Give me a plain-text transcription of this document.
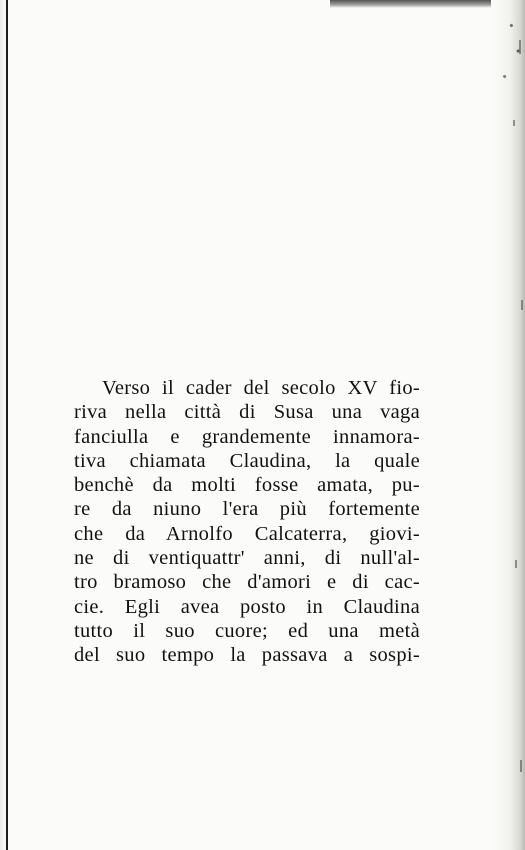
Verso il cader del secolo XV fio-
riva nella città di Susa una vaga
fanciulla e grandemente innamora-
tiva chiamata Claudina, la quale
benchè da molti fosse amata, pu-
re da niuno l'era più fortemente
che da Arnolfo Calcaterra, giovi-
ne di ventiquattr' anni, di null'al-
tro bramoso che d'amori e di cac-
cie. Egli avea posto in Claudina
tutto il suo cuore; ed una metà
del suo tempo la passava a sospi-
